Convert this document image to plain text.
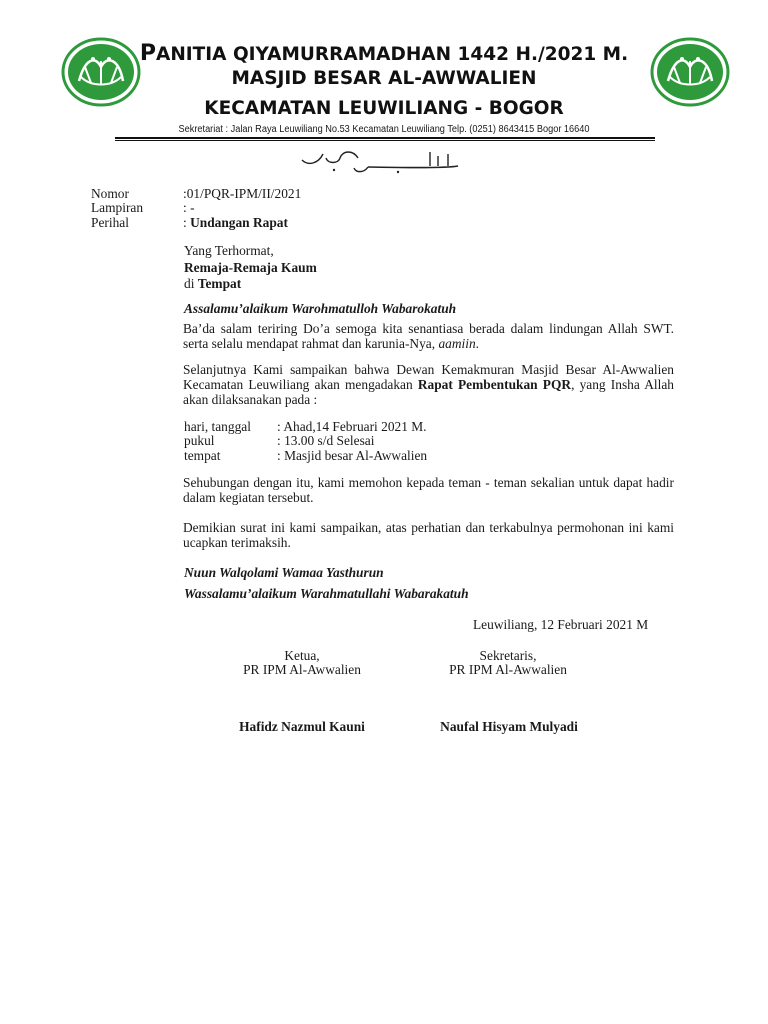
PANITIA QIYAMURRAMADHAN 1442 H./2021 M.
MASJID BESAR AL-AWWALIEN
KECAMATAN LEUWILIANG - BOGOR
Sekretariat : Jalan Raya Leuwiliang No.53 Kecamatan Leuwiliang Telp. (0251) 8643415 Bogor 16640
Nomor	:01/PQR-IPM/II/2021
Lampiran	: -
Perihal	: Undangan Rapat
Yang Terhormat,
Remaja-Remaja Kaum
di Tempat
Assalamu’alaikum Warohmatulloh Wabarokatuh
Ba’da salam teriring Do’a semoga kita senantiasa berada dalam lindungan Allah SWT. serta selalu mendapat rahmat dan karunia-Nya, aamiin.
Selanjutnya Kami sampaikan bahwa Dewan Kemakmuran Masjid Besar Al-Awwalien Kecamatan Leuwiliang akan mengadakan Rapat Pembentukan PQR, yang Insha Allah akan dilaksanakan pada :
hari, tanggal : Ahad,14 Februari 2021 M.
pukul	: 13.00 s/d Selesai
tempat	: Masjid besar Al-Awwalien
Sehubungan dengan itu, kami memohon kepada teman - teman sekalian untuk dapat hadir dalam kegiatan tersebut.
Demikian surat ini kami sampaikan, atas perhatian dan terkabulnya permohonan ini kami ucapkan terimaksih.
Nuun Walqolami Wamaa Yasthurun
Wassalamu’alaikum Warahmatullahi Wabarakatuh
Leuwiliang, 12 Februari 2021 M
Ketua,
PR IPM Al-Awwalien
Sekretaris,
PR IPM Al-Awwalien
Hafidz Nazmul Kauni	Naufal Hisyam Mulyadi
